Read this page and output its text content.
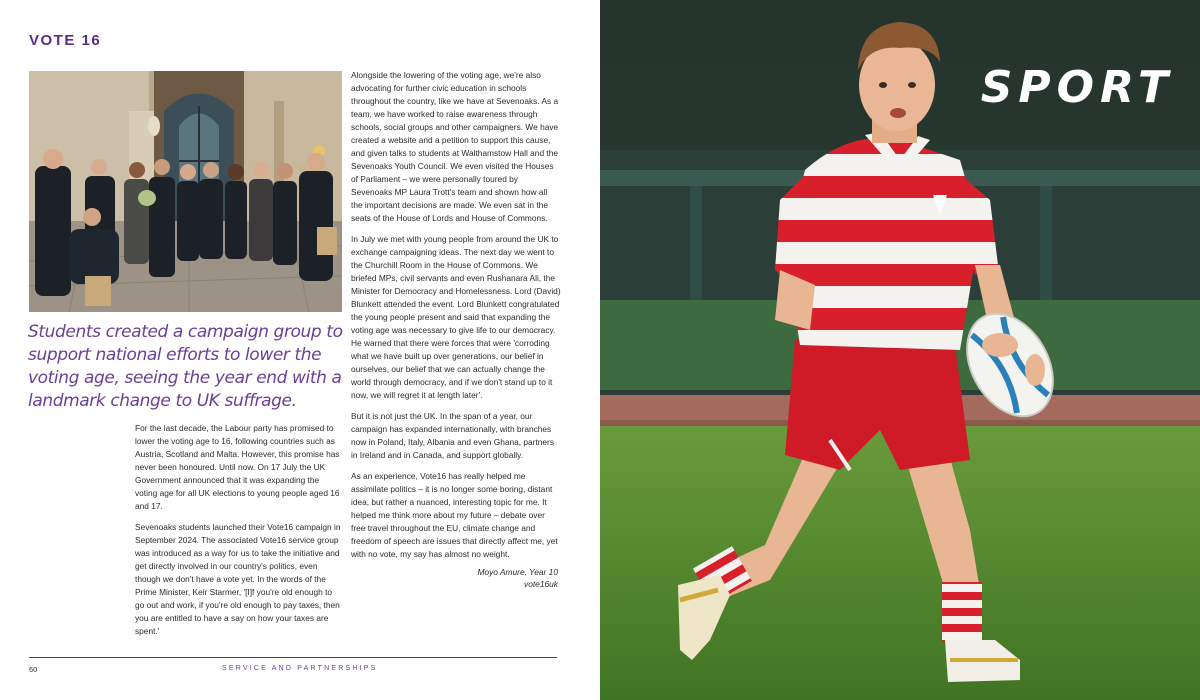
VOTE 16

Students created a campaign group to support national efforts to lower the voting age, seeing the year end with a landmark change to UK suffrage.

For the last decade, the Labour party has promised to lower the voting age to 16, following countries such as Austria, Scotland and Malta. However, this promise has never been honoured. Until now. On 17 July the UK Government announced that it was expanding the voting age for all UK elections to young people aged 16 and 17.

Sevenoaks students launched their Vote16 campaign in September 2024. The associated Vote16 service group was introduced as a way for us to take the initiative and get directly involved in our country's politics, even though we don't have a vote yet. In the words of the Prime Minister, Keir Starmer, '[I]f you're old enough to go out and work, if you're old enough to pay taxes, then you are entitled to have a say on how your taxes are spent.'

Alongside the lowering of the voting age, we're also advocating for further civic education in schools throughout the country, like we have at Sevenoaks. As a team, we have worked to raise awareness through schools, social groups and other campaigners. We have created a website and a petition to support this cause, and given talks to students at Walthamstow Hall and the Sevenoaks Youth Council. We even visited the Houses of Parliament – we were personally toured by Sevenoaks MP Laura Trott's team and shown how all the important decisions are made. We even sat in the seats of the House of Lords and House of Commons.

In July we met with young people from around the UK to exchange campaigning ideas. The next day we went to the Churchill Room in the House of Commons. We briefed MPs, civil servants and even Rushanara Ali, the Minister for Democracy and Homelessness. Lord (David) Blunkett attended the event. Lord Blunkett congratulated the young people present and said that expanding the voting age was necessary to give life to our democracy. He warned that there were forces that were 'corroding what we have built up over generations, our belief in ourselves, our belief that we can actually change the world through democracy, and if we don't stand up to it now, we will regret it at length later'.

But it is not just the UK. In the span of a year, our campaign has expanded internationally, with branches now in Poland, Italy, Albania and even Ghana, partners in Ireland and in Canada, and support globally.

As an experience, Vote16 has really helped me assimilate politics – it is no longer some boring, distant idea, but rather a nuanced, interesting topic for me. It helped me think more about my future – debate over free travel throughout the EU, climate change and freedom of speech are issues that directly affect me, yet with no vote, my say has almost no weight.

Moyo Amure, Year 10
vote16uk
60	SERVICE AND PARTNERSHIPS
SPORT
